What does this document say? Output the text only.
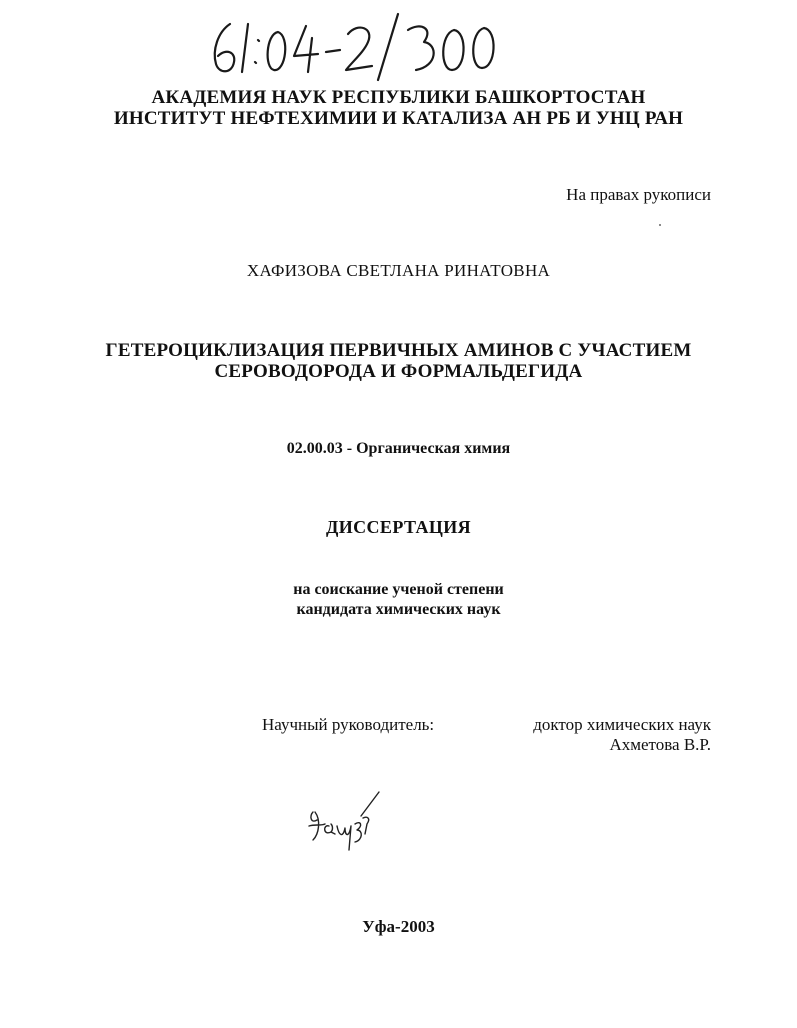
АКАДЕМИЯ НАУК РЕСПУБЛИКИ БАШКОРТОСТАН
ИНСТИТУТ НЕФТЕХИМИИ И КАТАЛИЗА АН РБ И УНЦ РАН
На правах рукописи
ХАФИЗОВА СВЕТЛАНА РИНАТОВНА
ГЕТЕРОЦИКЛИЗАЦИЯ ПЕРВИЧНЫХ АМИНОВ С УЧАСТИЕМ
СЕРОВОДОРОДА И ФОРМАЛЬДЕГИДА
02.00.03 - Органическая химия
ДИССЕРТАЦИЯ
на соискание ученой степени
кандидата химических наук
Научный руководитель:	доктор химических наук
Ахметова В.Р.
Уфа-2003
